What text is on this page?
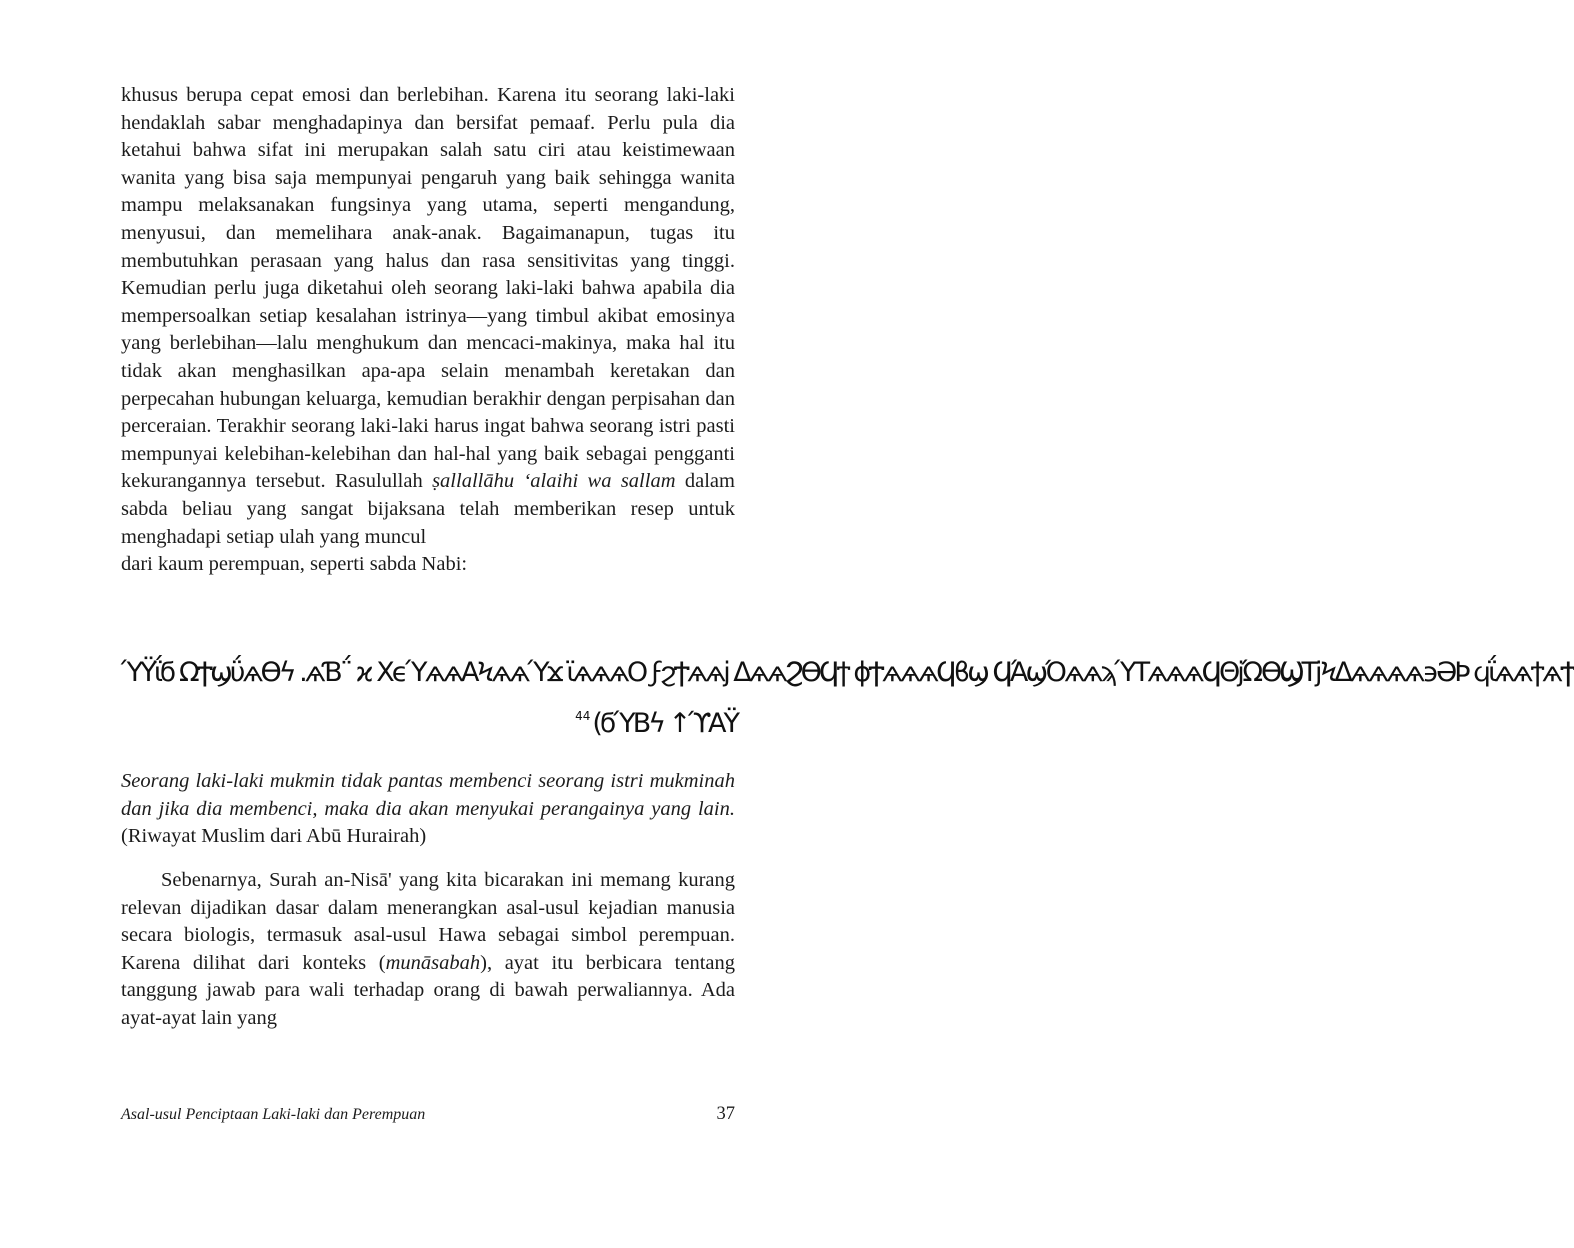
khusus berupa cepat emosi dan berlebihan. Karena itu seorang laki-laki hendaklah sabar menghadapinya dan bersifat pemaaf. Perlu pula dia ketahui bahwa sifat ini merupakan salah satu ciri atau keistimewaan wanita yang bisa saja mempunyai pengaruh yang baik sehingga wanita mampu melaksanakan fungsinya yang utama, seperti mengandung, menyusui, dan memelihara anak-anak. Bagaimanapun, tugas itu membutuhkan perasaan yang halus dan rasa sensitivitas yang tinggi. Kemudian perlu juga diketahui oleh seorang laki-laki bahwa apabila dia mempersoalkan setiap kesalahan istrinya—yang timbul akibat emosinya yang berlebihan—lalu menghukum dan mencaci-makinya, maka hal itu tidak akan menghasilkan apa-apa selain menambah keretakan dan perpecahan hubungan keluarga, kemudian berakhir dengan perpisahan dan perceraian. Terakhir seorang laki-laki harus ingat bahwa seorang istri pasti mempunyai kelebihan-kelebihan dan hal-hal yang baik sebagai pengganti kekurangannya tersebut. Rasulullah ṣallallāhu ‘alaihi wa sallam dalam sabda beliau yang sangat bijaksana telah memberikan resep untuk menghadapi setiap ulah yang muncul
dari kaum perempuan, seperti sabda Nabi:

ΎΫΐϭ ΩϮϣΰѧϴϟ .ѧƁ΅ ϰ ΧϵΎѧѧΑϞѧѧΎϫ ϊѧѧѧΟ ϝϩϮѧѧϳ ΔѧѧϨϴϤϯ ϕϮѧѧѧϤϐϣ ϤΆϣΌѧѧϡΎΤѧѧѧϤΘϳΏϴϢΤϳϞΔѧѧѧѧ϶ӘϷ ϥΐѧѧϯѧϮ
$^{44}$(ϭΎΒϟ ↑ϓΑΫ

Seorang laki-laki mukmin tidak pantas membenci seorang istri mukminah dan jika dia membenci, maka dia akan menyukai perangainya yang lain. (Riwayat Muslim dari Abū Hurairah)

Sebenarnya, Surah an-Nisā' yang kita bicarakan ini memang kurang relevan dijadikan dasar dalam menerangkan asal-usul kejadian manusia secara biologis, termasuk asal-usul Hawa sebagai simbol perempuan. Karena dilihat dari konteks (munāsabah), ayat itu berbicara tentang tanggung jawab para wali terhadap orang di bawah perwaliannya. Ada ayat-ayat lain yang

Asal-usul Penciptaan Laki-laki dan Perempuan	37
